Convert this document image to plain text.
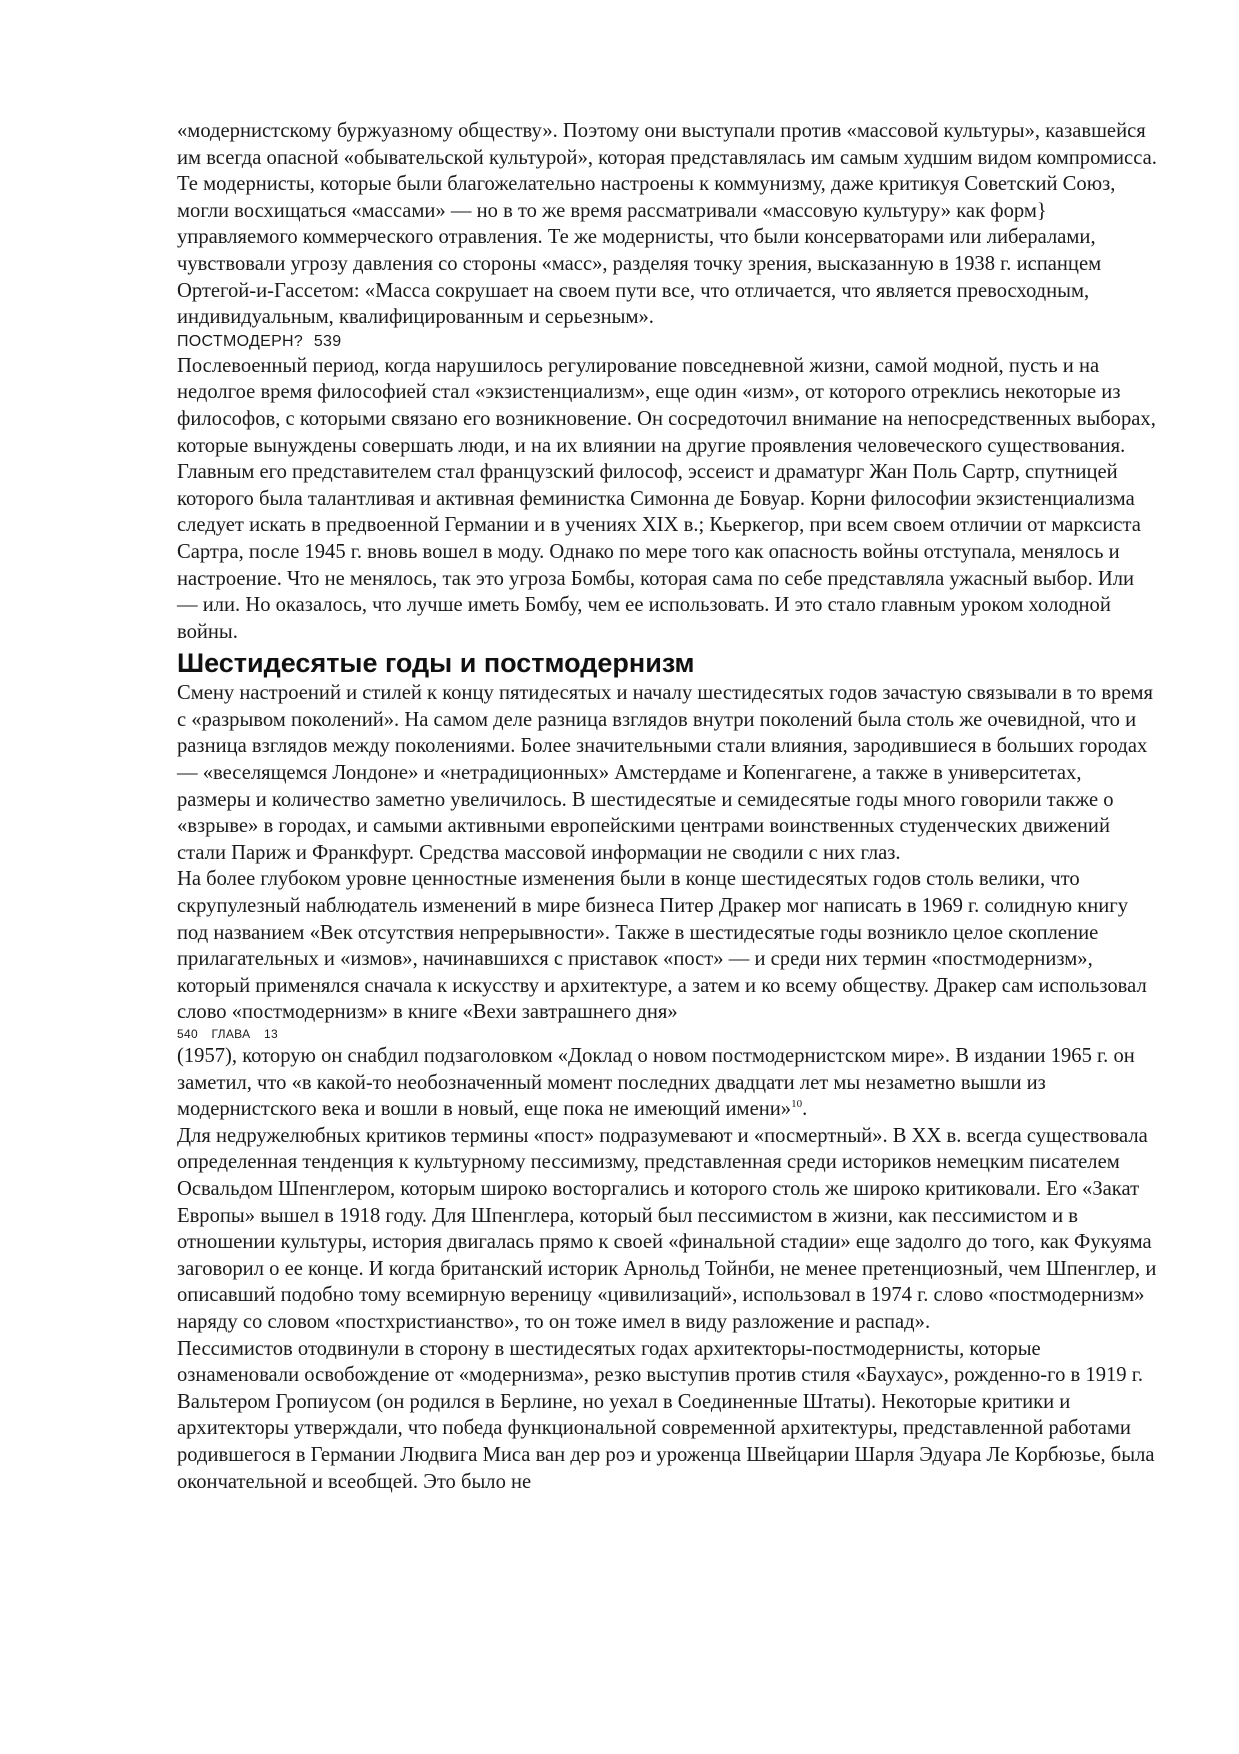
«модернистскому буржуазному обществу». Поэтому они выступали против «массовой культуры», казавшейся им всегда опасной «обывательской культурой», которая представлялась им самым худшим видом компромисса. Те модернисты, которые были благожелательно настроены к коммунизму, даже критикуя Советский Союз, могли восхищаться «массами» — но в то же время рассматривали «массовую культуру» как форм} управляемого коммерческого отравления. Те же модернисты, что были консерваторами или либералами, чувствовали угрозу давления со стороны «масс», разделяя точку зрения, высказанную в 1938 г. испанцем Ортегой-и-Гассетом: «Масса сокрушает на своем пути все, что отличается, что является превосходным, индивидуальным, квалифицированным и серьезным».

ПОСТМОДЕРН? 539

Послевоенный период, когда нарушилось регулирование повседневной жизни, самой модной, пусть и на недолгое время философией стал «экзистенциализм», еще один «изм», от которого отреклись некоторые из философов, с которыми связано его возникновение. Он сосредоточил внимание на непосредственных выборах, которые вынуждены совершать люди, и на их влиянии на другие проявления человеческого существования. Главным его представителем стал французский философ, эссеист и драматург Жан Поль Сартр, спутницей которого была талантливая и активная феминистка Симонна де Бовуар. Корни философии экзистенциализма следует искать в предвоенной Германии и в учениях XIX в.; Кьеркегор, при всем своем отличии от марксиста Сартра, после 1945 г. вновь вошел в моду. Однако по мере того как опасность войны отступала, менялось и настроение. Что не менялось, так это угроза Бомбы, которая сама по себе представляла ужасный выбор. Или — или. Но оказалось, что лучше иметь Бомбу, чем ее использовать. И это стало главным уроком холодной войны.

Шестидесятые годы и постмодернизм

Смену настроений и стилей к концу пятидесятых и началу шестидесятых годов зачастую связывали в то время с «разрывом поколений». На самом деле разница взглядов внутри поколений была столь же очевидной, что и разница взглядов между поколениями. Более значительными стали влияния, зародившиеся в больших городах — «веселящемся Лондоне» и «нетрадиционных» Амстердаме и Копенгагене, а также в университетах, размеры и количество заметно увеличилось. В шестидесятые и семидесятые годы много говорили также о «взрыве» в городах, и самыми активными европейскими центрами воинственных студенческих движений стали Париж и Франкфурт. Средства массовой информации не сводили с них глаз.

На более глубоком уровне ценностные изменения были в конце шестидесятых годов столь велики, что скрупулезный наблюдатель изменений в мире бизнеса Питер Дракер мог написать в 1969 г. солидную книгу под названием «Век отсутствия непрерывности». Также в шестидесятые годы возникло целое скопление прилагательных и «измов», начинавшихся с приставок «пост» — и среди них термин «постмодернизм», который применялся сначала к искусству и архитектуре, а затем и ко всему обществу. Дракер сам использовал слово «постмодернизм» в книге «Вехи завтрашнего дня»

540 ГЛАВА 13

(1957), которую он снабдил подзаголовком «Доклад о новом постмодернистском мире». В издании 1965 г. он заметил, что «в какой-то необозначенный момент последних двадцати лет мы незаметно вышли из модернистского века и вошли в новый, еще пока не имеющий имени»$^{10}$.

Для недружелюбных критиков термины «пост» подразумевают и «посмертный». В XX в. всегда существовала определенная тенденция к культурному пессимизму, представленная среди историков немецким писателем Освальдом Шпенглером, которым широко восторгались и которого столь же широко критиковали. Его «Закат Европы» вышел в 1918 году. Для Шпенглера, который был пессимистом в жизни, как пессимистом и в отношении культуры, история двигалась прямо к своей «финальной стадии» еще задолго до того, как Фукуяма заговорил о ее конце. И когда британский историк Арнольд Тойнби, не менее претенциозный, чем Шпенглер, и описавший подобно тому всемирную вереницу «цивилизаций», использовал в 1974 г. слово «постмодернизм» наряду со словом «постхристианство», то он тоже имел в виду разложение и распад».

Пессимистов отодвинули в сторону в шестидесятых годах архитекторы-постмодернисты, которые ознаменовали освобождение от «модернизма», резко выступив против стиля «Баухаус», рожденно-го в 1919 г. Вальтером Гропиусом (он родился в Берлине, но уехал в Соединенные Штаты). Некоторые критики и архитекторы утверждали, что победа функциональной современной архитектуры, представленной работами родившегося в Германии Людвига Миса ван дер роэ и уроженца Швейцарии Шарля Эдуара Ле Корбюзье, была окончательной и всеобщей. Это было не
